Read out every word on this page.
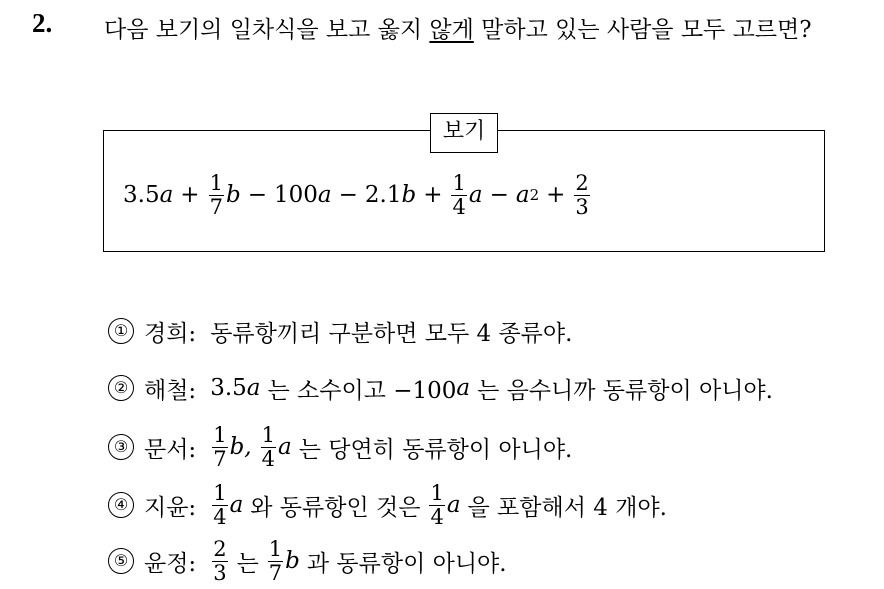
2. 다음 보기의 일차식을 보고 옳지 않게 말하고 있는 사람을 모두 고르면?
보기
3.5 $a + \frac{1}{7}$ b − 100 a − 2.1 $b + \frac{1}{4}$ a − a $2 + \frac{2}{3}$
① 경희: 동류항끼리 구분하면 모두 4 종류야.
② 해철: 3.5 a 는 소수이고 −100 a 는 음수니까 동류항이 아니야.
③ 문서: $\frac{1}{7} b$, $\frac{1}{4}$ a 는 당연히 동류항이 아니야.
④ 지윤: $\frac{1}{4}$ a 와 동류항인 것은 $\frac{1}{4}$ a 을 포함해서 4 개야.
⑤ 윤정: $\frac{2}{3}$ 는 $\frac{1}{7}$ b 과 동류항이 아니야.
